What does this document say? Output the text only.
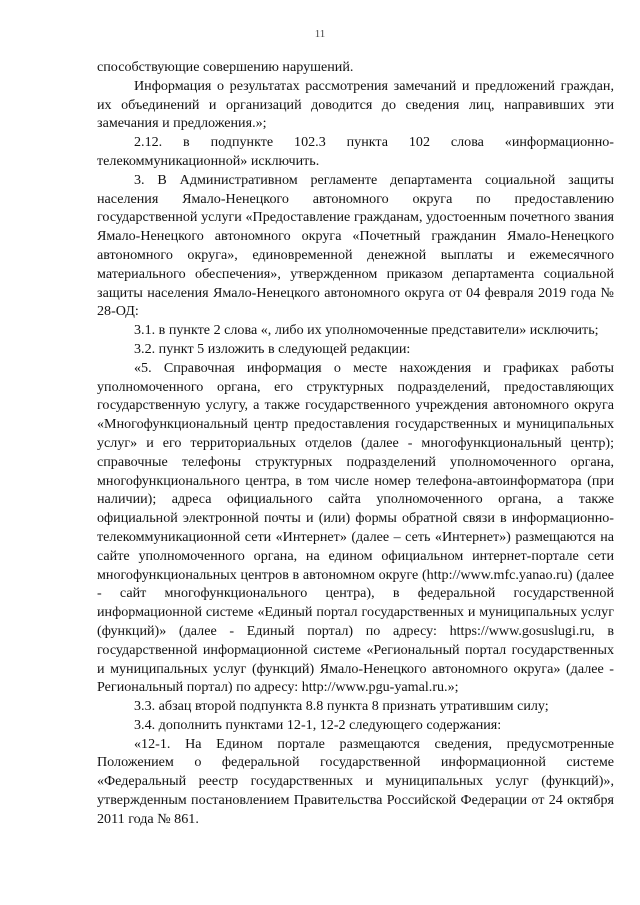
11

способствующие совершению нарушений.

Информация о результатах рассмотрения замечаний и предложений граждан, их объединений и организаций доводится до сведения лиц, направивших эти замечания и предложения.»;

2.12. в подпункте 102.3 пункта 102 слова «информационно-телекоммуникационной» исключить.

3. В Административном регламенте департамента социальной защиты населения Ямало-Ненецкого автономного округа по предоставлению государственной услуги «Предоставление гражданам, удостоенным почетного звания Ямало-Ненецкого автономного округа «Почетный гражданин Ямало-Ненецкого автономного округа», единовременной денежной выплаты и ежемесячного материального обеспечения», утвержденном приказом департамента социальной защиты населения Ямало-Ненецкого автономного округа от 04 февраля 2019 года № 28-ОД:

3.1. в пункте 2 слова «, либо их уполномоченные представители» исключить;

3.2. пункт 5 изложить в следующей редакции:

«5. Справочная информация о месте нахождения и графиках работы уполномоченного органа, его структурных подразделений, предоставляющих государственную услугу, а также государственного учреждения автономного округа «Многофункциональный центр предоставления государственных и муниципальных услуг» и его территориальных отделов (далее - многофункциональный центр); справочные телефоны структурных подразделений уполномоченного органа, многофункционального центра, в том числе номер телефона-автоинформатора (при наличии); адреса официального сайта уполномоченного органа, а также официальной электронной почты и (или) формы обратной связи в информационно-телекоммуникационной сети «Интернет» (далее – сеть «Интернет») размещаются на сайте уполномоченного органа, на едином официальном интернет-портале сети многофункциональных центров в автономном округе (http://www.mfc.yanao.ru) (далее - сайт многофункционального центра), в федеральной государственной информационной системе «Единый портал государственных и муниципальных услуг (функций)» (далее - Единый портал) по адресу: https://www.gosuslugi.ru, в государственной информационной системе «Региональный портал государственных и муниципальных услуг (функций) Ямало-Ненецкого автономного округа» (далее - Региональный портал) по адресу: http://www.pgu-yamal.ru.»;

3.3. абзац второй подпункта 8.8 пункта 8 признать утратившим силу;

3.4. дополнить пунктами 12-1, 12-2 следующего содержания:

«12-1. На Едином портале размещаются сведения, предусмотренные Положением о федеральной государственной информационной системе «Федеральный реестр государственных и муниципальных услуг (функций)», утвержденным постановлением Правительства Российской Федерации от 24 октября 2011 года № 861.
